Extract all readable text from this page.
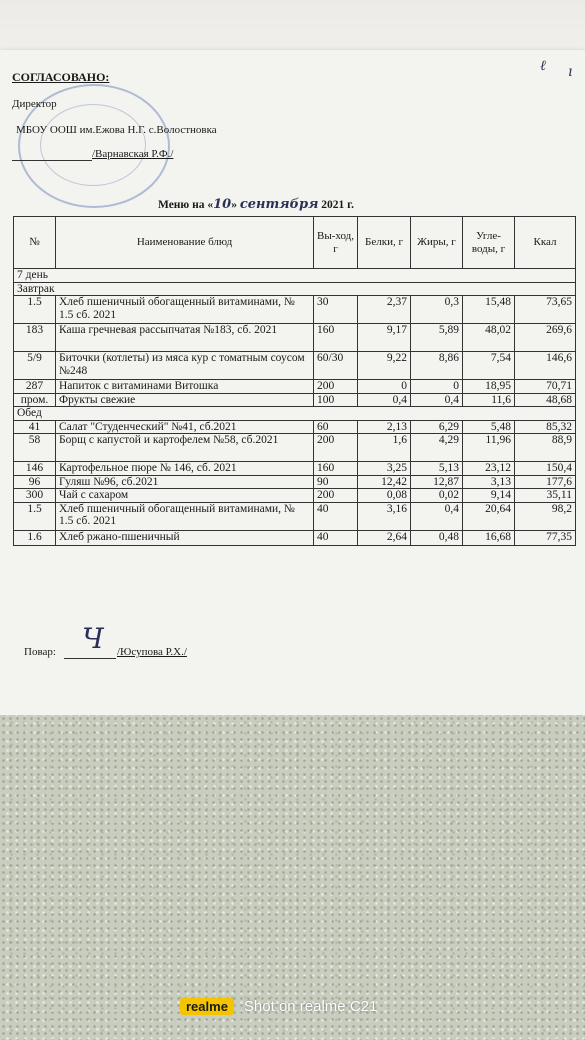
СОГЛАСОВАНО:
Директор
МБОУ ООШ им.Ежова Н.Г. с.Волостновка
/Варнавская Р.Ф./
ℓ ı
Меню на «10» сентября 2021 г.
№	Наименование блюд	Вы-ход, г	Белки, г	Жиры, г	Угле-воды, г	Ккал
7 день						
Завтрак						
1.5	Хлеб пшеничный обогащенный витаминами, № 1.5 сб. 2021	30	2,37	0,3	15,48	73,65
183	Каша гречневая рассыпчатая №183, сб. 2021	160	9,17	5,89	48,02	269,6
5/9	Биточки (котлеты) из мяса кур с томатным соусом №248	60/30	9,22	8,86	7,54	146,6
287	Напиток с витаминами Витошка	200	0	0	18,95	70,71
пром.	Фрукты свежие	100	0,4	0,4	11,6	48,68
Обед						
41	Салат "Студенческий" №41, сб.2021	60	2,13	6,29	5,48	85,32
58	Борщ с капустой и картофелем №58, сб.2021	200	1,6	4,29	11,96	88,9
146	Картофельное пюре № 146, сб. 2021	160	3,25	5,13	23,12	150,4
96	Гуляш №96, сб.2021	90	12,42	12,87	3,13	177,6
300	Чай с сахаром	200	0,08	0,02	9,14	35,11
1.5	Хлеб пшеничный обогащенный витаминами, № 1.5 сб. 2021	40	3,16	0,4	20,64	98,2
1.6	Хлеб ржано-пшеничный	40	2,64	0,48	16,68	77,35
Ч
Повар:	/Юсупова Р.Х./
realme	Shot on realme C21
